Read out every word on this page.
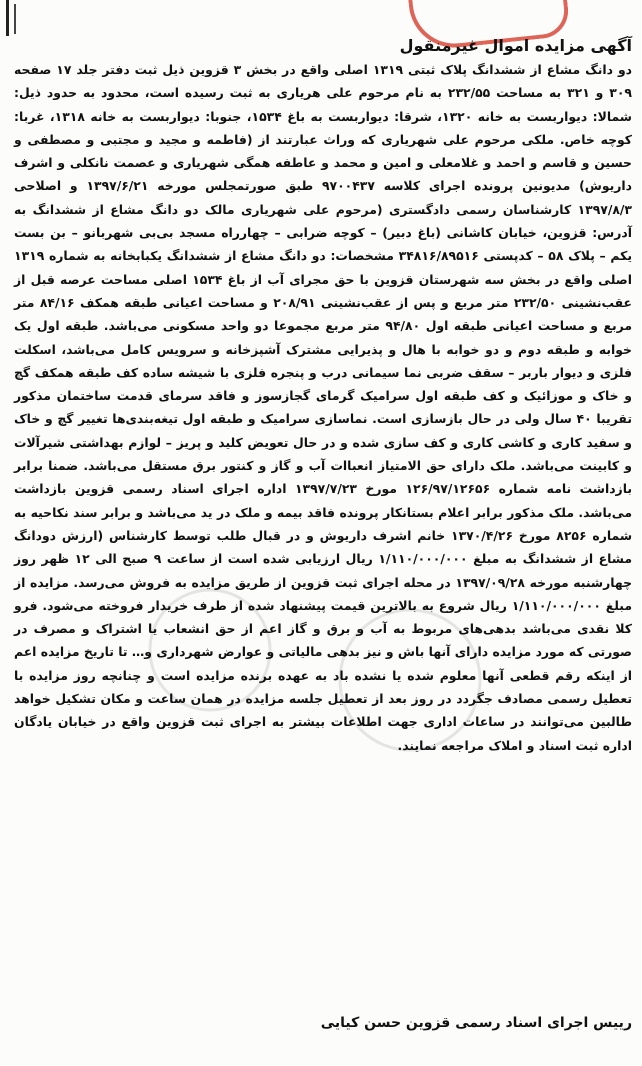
آگهی مزایده اموال غیرمنقول
دو دانگ مشاع از ششدانگ پلاک ثبتی ۱۳۱۹ اصلی واقع در بخش ۳ قزوین ذیل ثبت دفتر جلد ۱۷ صفحه ۳۰۹ و ۳۲۱ به مساحت ۲۳۲/۵۵ به نام مرحوم علی هریاری به ثبت رسیده است، محدود به حدود ذیل: شمالا: دیواربست به خانه ۱۳۲۰، شرقا: دیواربست به باغ ۱۵۳۴، جنوبا: دیواربست به خانه ۱۳۱۸، غربا: کوچه خاص. ملکی مرحوم علی شهریاری که وراث عبارتند از (فاطمه و مجید و مجتبی و مصطفی و حسین و قاسم و احمد و غلامعلی و امین و محمد و عاطفه همگی شهریاری و عصمت نانکلی و اشرف داریوش) مدیونین پرونده اجرای کلاسه ۹۷۰۰۴۳۷ طبق صورتمجلس مورخه ۱۳۹۷/۶/۲۱ و اصلاحی ۱۳۹۷/۸/۳ کارشناسان رسمی دادگستری (مرحوم علی شهریاری مالک دو دانگ مشاع از ششدانگ به آدرس: قزوین، خیابان کاشانی (باغ دبیر) – کوچه ضرابی – چهارراه مسجد بی‌بی شهربانو – بن بست یکم – پلاک ۵۸ – کدپستی ۳۴۸۱۶/۸۹۵۱۶ مشخصات: دو دانگ مشاع از ششدانگ یکبابخانه به شماره ۱۳۱۹ اصلی واقع در بخش سه شهرستان قزوین با حق مجرای آب از باغ ۱۵۳۴ اصلی مساحت عرصه قبل از عقب‌نشینی ۲۳۲/۵۰ متر مربع و پس از عقب‌نشینی ۲۰۸/۹۱ و مساحت اعیانی طبقه همکف ۸۴/۱۶ متر مربع و مساحت اعیانی طبقه اول ۹۴/۸۰ متر مربع مجموعا دو واحد مسکونی می‌باشد. طبقه اول یک خوابه و طبقه دوم و دو خوابه با هال و پذیرایی مشترک آشپزخانه و سرویس کامل می‌باشد، اسکلت فلزی و دیوار باربر – سقف ضربی نما سیمانی درب و پنجره فلزی با شیشه ساده کف طبقه همکف گچ و خاک و موزائیک و کف طبقه اول سرامیک گرمای گجازسوز و فاقد سرمای قدمت ساختمان مذکور تقریبا ۴۰ سال ولی در حال بازسازی است. نماسازی سرامیک و طبقه اول تیغه‌بندی‌ها تغییر گچ و خاک و سفید کاری و کاشی کاری و کف سازی شده و در حال تعویض کلید و پریز – لوازم بهداشتی شیرآلات و کابینت می‌باشد. ملک دارای حق الامتیاز انعباات آب و گاز و کنتور برق مستقل می‌باشد. ضمنا برابر بازداشت نامه شماره ۱۲۶/۹۷/۱۲۶۵۶ مورخ ۱۳۹۷/۷/۲۳ اداره اجرای اسناد رسمی قزوین بازداشت می‌باشد. ملک مذکور برابر اعلام بستانکار پرونده فاقد بیمه و ملک در ید می‌باشد و برابر سند نکاحیه به شماره ۸۲۵۶ مورخ ۱۳۷۰/۴/۲۶ خانم اشرف داریوش و در قبال طلب توسط کارشناس (ارزش دودانگ مشاع از ششدانگ به مبلغ ۱/۱۱۰/۰۰۰/۰۰۰ ریال ارزیابی شده است از ساعت ۹ صبح الی ۱۲ ظهر روز چهارشنبه مورخه ۱۳۹۷/۰۹/۲۸ در محله اجرای ثبت قزوین از طریق مزایده به فروش می‌رسد. مزایده از مبلغ ۱/۱۱۰/۰۰۰/۰۰۰ ریال شروع به بالاترین قیمت پیشنهاد شده از طرف خریدار فروخته می‌شود. فرو کلا نقدی می‌باشد بدهی‌های مربوط به آب و برق و گاز اعم از حق انشعاب یا اشتراک و مصرف در صورتی که مورد مزایده دارای آنها باش و نیز بدهی مالیاتی و عوارض شهرداری و… تا تاریخ مزایده اعم از اینکه رقم قطعی آنها معلوم شده یا نشده باد به عهده برنده مزایده است و چنانچه روز مزایده با تعطیل رسمی مصادف جگردد در روز بعد از تعطیل جلسه مزایده در همان ساعت و مکان تشکیل خواهد طالبین می‌توانند در ساعات اداری جهت اطلاعات بیشتر به اجرای ثبت قزوین واقع در خیابان یادگان اداره ثبت اسناد و املاک مراجعه نمایند.
رییس اجرای اسناد رسمی قزوین حسن کیایی
